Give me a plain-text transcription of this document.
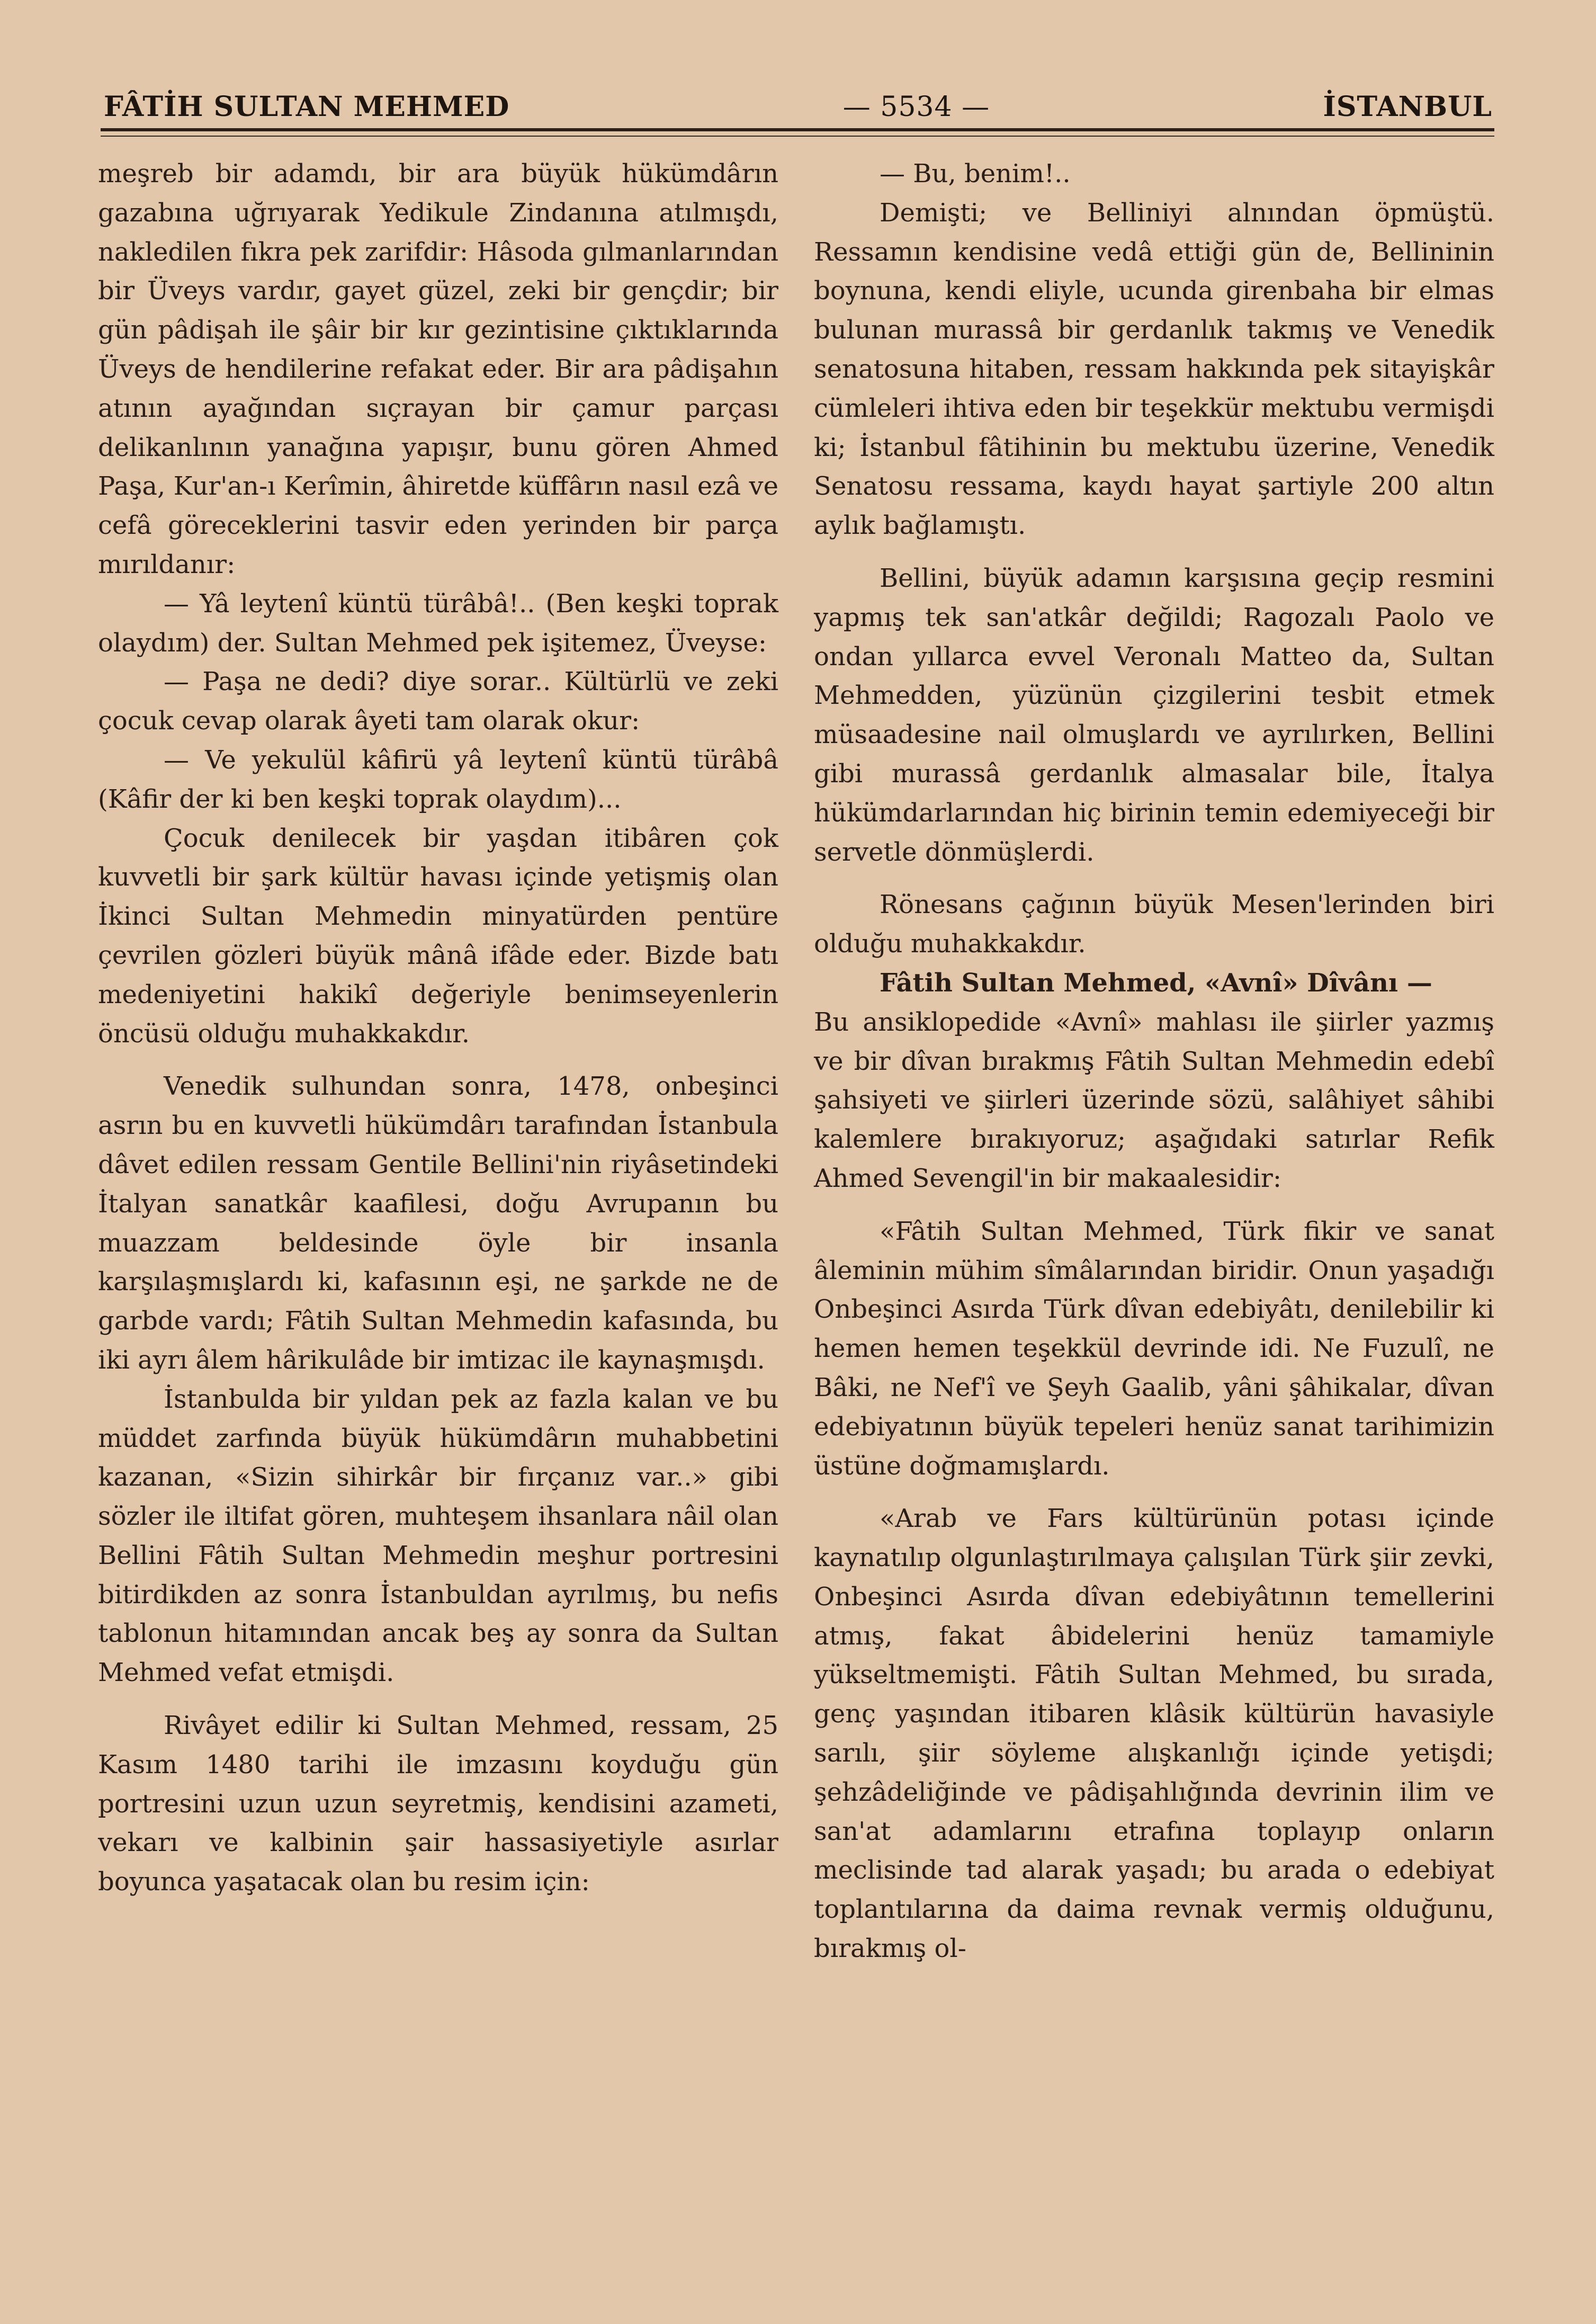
FÂTİH SULTAN MEHMED	— 5534 —	İSTANBUL

meşreb bir adamdı, bir ara büyük hükümdârın gazabına uğrıyarak Yedikule Zindanına atılmışdı, nakledilen fıkra pek zarifdir: Hâsoda gılmanlarından bir Üveys vardır, gayet güzel, zeki bir gençdir; bir gün pâdişah ile şâir bir kır gezintisine çıktıklarında Üveys de hendilerine refakat eder. Bir ara pâdişahın atının ayağından sıçrayan bir çamur parçası delikanlının yanağına yapışır, bunu gören Ahmed Paşa, Kur'an-ı Kerîmin, âhiretde küffârın nasıl ezâ ve cefâ göreceklerini tasvir eden yerinden bir parça mırıldanır:

— Yâ leytenî küntü türâbâ!.. (Ben keşki toprak olaydım) der. Sultan Mehmed pek işitemez, Üveyse:

— Paşa ne dedi? diye sorar.. Kültürlü ve zeki çocuk cevap olarak âyeti tam olarak okur:

— Ve yekulül kâfirü yâ leytenî küntü türâbâ (Kâfir der ki ben keşki toprak olaydım)...

Çocuk denilecek bir yaşdan itibâren çok kuvvetli bir şark kültür havası içinde yetişmiş olan İkinci Sultan Mehmedin minyatürden pentüre çevrilen gözleri büyük mânâ ifâde eder. Bizde batı medeniyetini hakikî değeriyle benimseyenlerin öncüsü olduğu muhakkakdır.

Venedik sulhundan sonra, 1478, onbeşinci asrın bu en kuvvetli hükümdârı tarafından İstanbula dâvet edilen ressam Gentile Bellini'nin riyâsetindeki İtalyan sanatkâr kaafilesi, doğu Avrupanın bu muazzam beldesinde öyle bir insanla karşılaşmışlardı ki, kafasının eşi, ne şarkde ne de garbde vardı; Fâtih Sultan Mehmedin kafasında, bu iki ayrı âlem hârikulâde bir imtizac ile kaynaşmışdı.

İstanbulda bir yıldan pek az fazla kalan ve bu müddet zarfında büyük hükümdârın muhabbetini kazanan, «Sizin sihirkâr bir fırçanız var..» gibi sözler ile iltifat gören, muhteşem ihsanlara nâil olan Bellini Fâtih Sultan Mehmedin meşhur portresini bitirdikden az sonra İstanbuldan ayrılmış, bu nefis tablonun hitamından ancak beş ay sonra da Sultan Mehmed vefat etmişdi.

Rivâyet edilir ki Sultan Mehmed, ressam, 25 Kasım 1480 tarihi ile imzasını koyduğu gün portresini uzun uzun seyretmiş, kendisini azameti, vekarı ve kalbinin şair hassasiyetiyle asırlar boyunca yaşatacak olan bu resim için:

— Bu, benim!..

Demişti; ve Belliniyi alnından öpmüştü. Ressamın kendisine vedâ ettiği gün de, Bellininin boynuna, kendi eliyle, ucunda girenbaha bir elmas bulunan murassâ bir gerdanlık takmış ve Venedik senatosuna hitaben, ressam hakkında pek sitayişkâr cümleleri ihtiva eden bir teşekkür mektubu vermişdi ki; İstanbul fâtihinin bu mektubu üzerine, Venedik Senatosu ressama, kaydı hayat şartiyle 200 altın aylık bağlamıştı.

Bellini, büyük adamın karşısına geçip resmini yapmış tek san'atkâr değildi; Ragozalı Paolo ve ondan yıllarca evvel Veronalı Matteo da, Sultan Mehmedden, yüzünün çizgilerini tesbit etmek müsaadesine nail olmuşlardı ve ayrılırken, Bellini gibi murassâ gerdanlık almasalar bile, İtalya hükümdarlarından hiç birinin temin edemiyeceği bir servetle dönmüşlerdi.

Rönesans çağının büyük Mesen'lerinden biri olduğu muhakkakdır.

Fâtih Sultan Mehmed, «Avnî» Dîvânı —

Bu ansiklopedide «Avnî» mahlası ile şiirler yazmış ve bir dîvan bırakmış Fâtih Sultan Mehmedin edebî şahsiyeti ve şiirleri üzerinde sözü, salâhiyet sâhibi kalemlere bırakıyoruz; aşağıdaki satırlar Refik Ahmed Sevengil'in bir makaalesidir:

«Fâtih Sultan Mehmed, Türk fikir ve sanat âleminin mühim sîmâlarından biridir. Onun yaşadığı Onbeşinci Asırda Türk dîvan edebiyâtı, denilebilir ki hemen hemen teşekkül devrinde idi. Ne Fuzulî, ne Bâki, ne Nef'î ve Şeyh Gaalib, yâni şâhikalar, dîvan edebiyatının büyük tepeleri henüz sanat tarihimizin üstüne doğmamışlardı.

«Arab ve Fars kültürünün potası içinde kaynatılıp olgunlaştırılmaya çalışılan Türk şiir zevki, Onbeşinci Asırda dîvan edebiyâtının temellerini atmış, fakat âbidelerini henüz tamamiyle yükseltmemişti. Fâtih Sultan Mehmed, bu sırada, genç yaşından itibaren klâsik kültürün havasiyle sarılı, şiir söyleme alışkanlığı içinde yetişdi; şehzâdeliğinde ve pâdişahlığında devrinin ilim ve san'at adamlarını etrafına toplayıp onların meclisinde tad alarak yaşadı; bu arada o edebiyat toplantılarına da daima revnak vermiş olduğunu, bırakmış ol-
